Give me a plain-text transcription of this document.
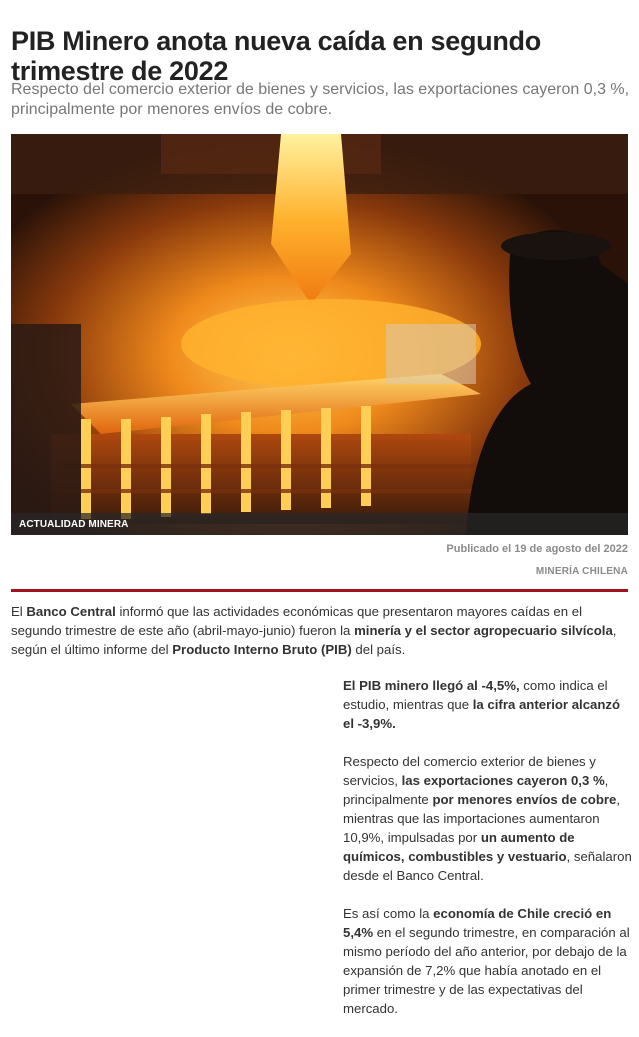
PIB Minero anota nueva caída en segundo trimestre de 2022
Respecto del comercio exterior de bienes y servicios, las exportaciones cayeron 0,3 %, principalmente por menores envíos de cobre.
ACTUALIDAD MINERA
Publicado el 19 de agosto del 2022
MINERÍA CHILENA

El Banco Central informó que las actividades económicas que presentaron mayores caídas en el segundo trimestre de este año (abril-mayo-junio) fueron la minería y el sector agropecuario silvícola, según el último informe del Producto Interno Bruto (PIB) del país.

El PIB minero llegó al -4,5%, como indica el estudio, mientras que la cifra anterior alcanzó el -3,9%.

Respecto del comercio exterior de bienes y servicios, las exportaciones cayeron 0,3 %, principalmente por menores envíos de cobre, mientras que las importaciones aumentaron 10,9%, impulsadas por un aumento de químicos, combustibles y vestuario, señalaron desde el Banco Central.

Es así como la economía de Chile creció en 5,4% en el segundo trimestre, en comparación al mismo período del año anterior, por debajo de la expansión de 7,2% que había anotado en el primer trimestre y de las expectativas del mercado.
